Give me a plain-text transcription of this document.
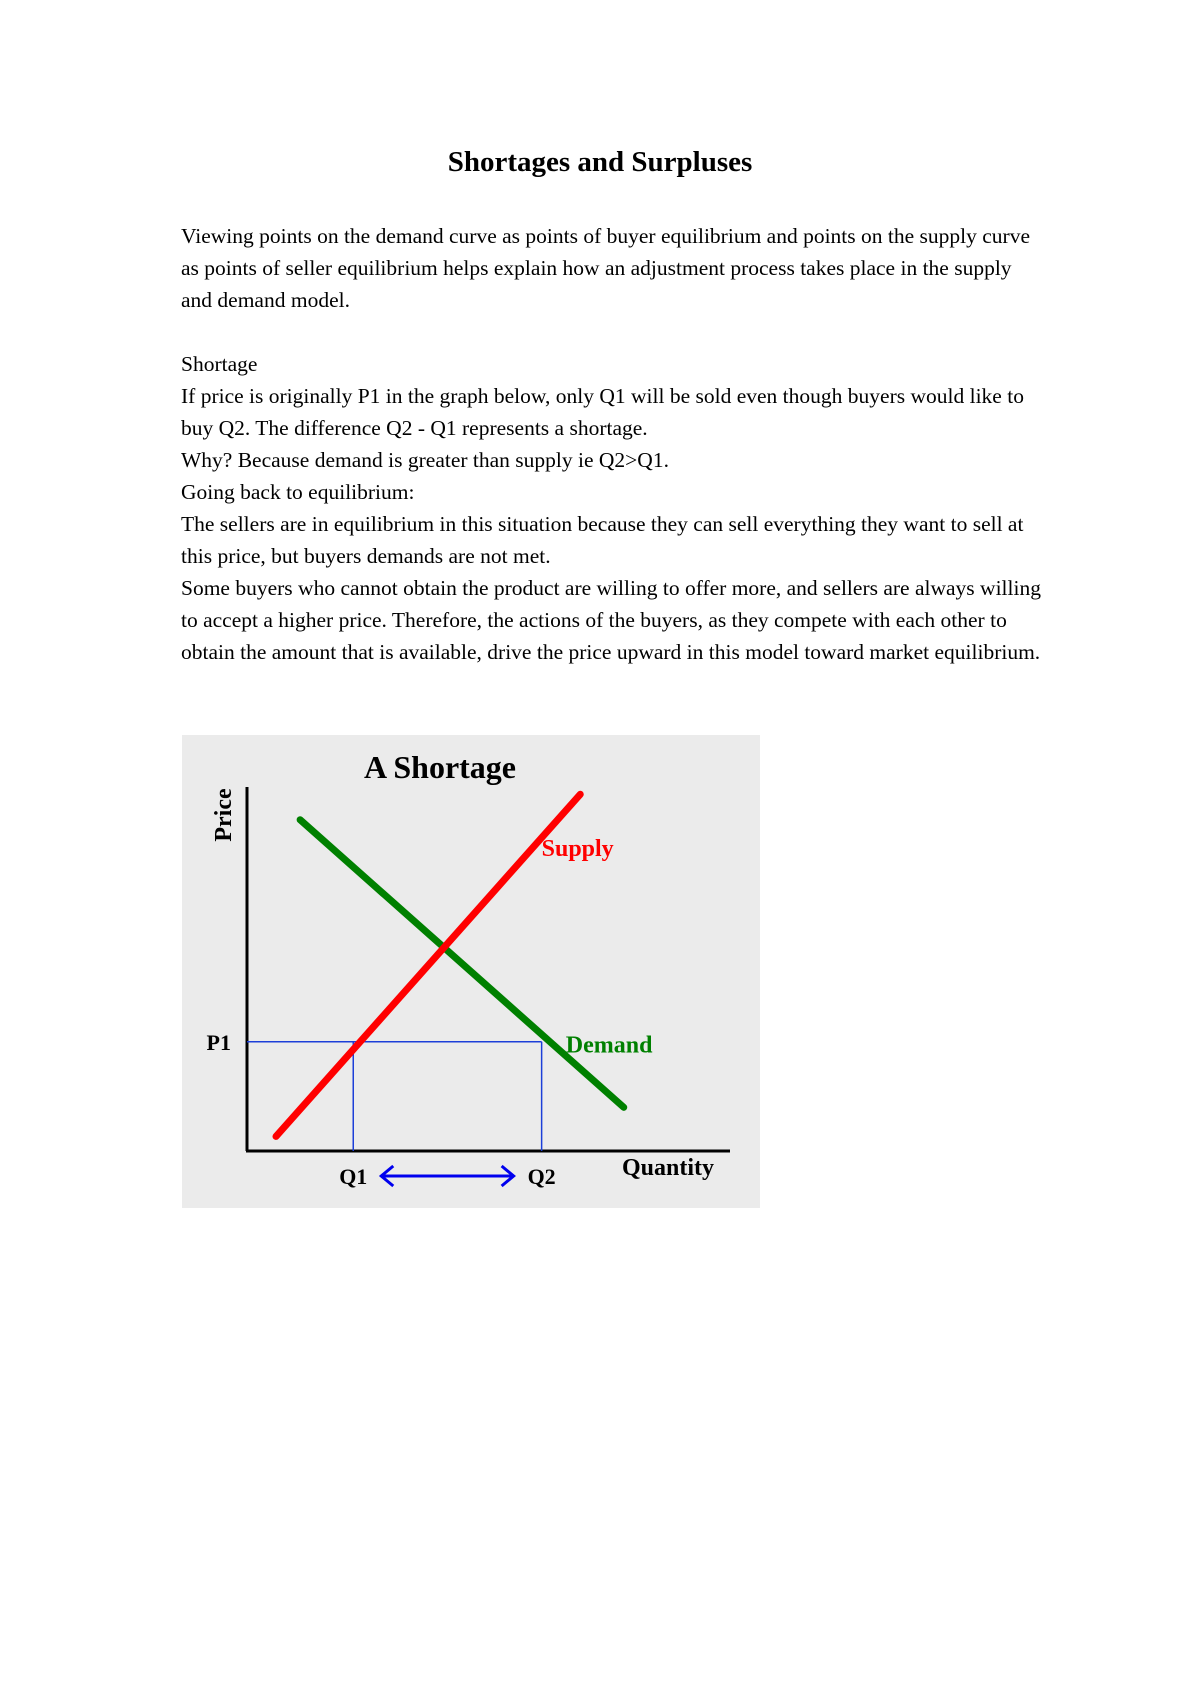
Shortages and Surpluses

Viewing points on the demand curve as points of buyer equilibrium and points on the supply curve as points of seller equilibrium helps explain how an adjustment process takes place in the supply and demand model.

Shortage

If price is originally P1 in the graph below, only Q1 will be sold even though buyers would like to buy Q2. The difference Q2 - Q1 represents a shortage.

Why? Because demand is greater than supply ie Q2>Q1.

Going back to equilibrium:

The sellers are in equilibrium in this situation because they can sell everything they want to sell at this price, but buyers demands are not met.

Some buyers who cannot obtain the product are willing to offer more, and sellers are always willing to accept a higher price. Therefore, the actions of the buyers, as they compete with each other to obtain the amount that is available, drive the price upward in this model toward market equilibrium.

A Shortage
Price
Quantity
Supply
Demand
P1
Q1	Q2
